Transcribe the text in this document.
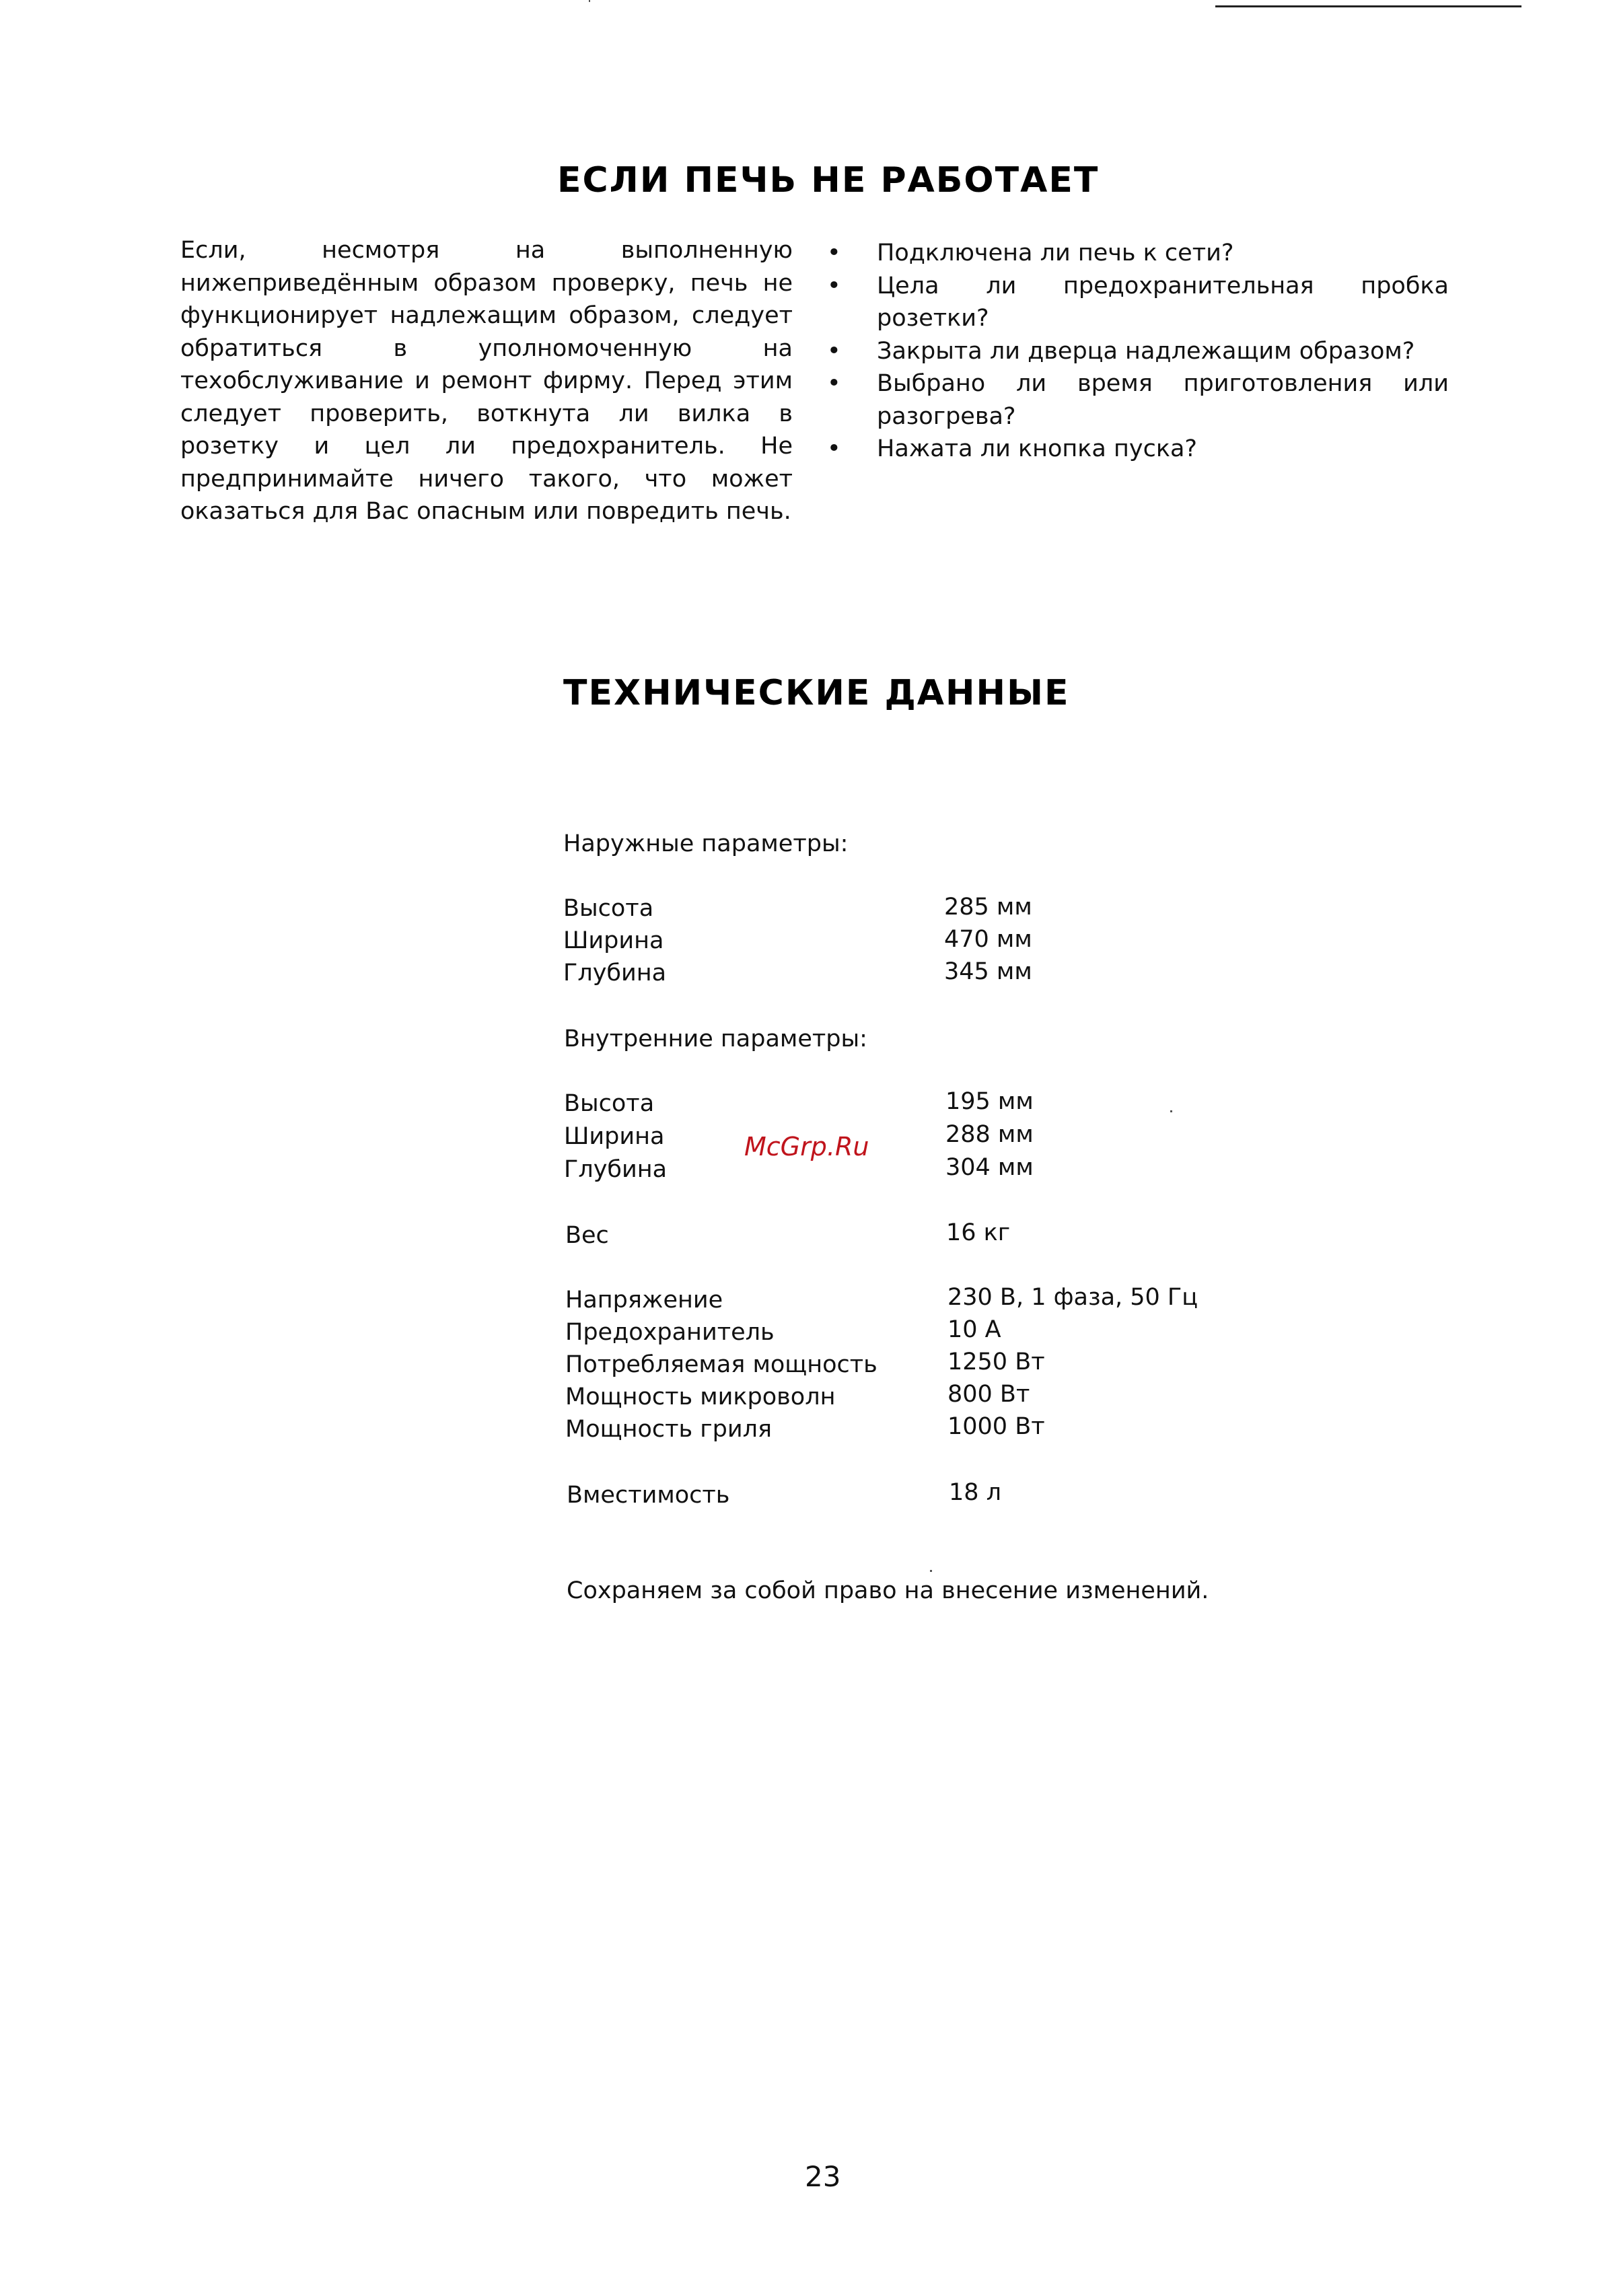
ЕСЛИ ПЕЧЬ НЕ РАБОТАЕТ
Если, несмотря на выполненную нижеприведённым образом проверку, печь не функционирует надлежащим образом, следует обратиться в уполномоченную на техобслуживание и ремонт фирму. Перед этим следует проверить, воткнута ли вилка в розетку и цел ли предохранитель. Не предпринимайте ничего такого, что может оказаться для Вас опасным или повредить печь.
• Подключена ли печь к сети?
• Цела ли предохранительная пробка розетки?
• Закрыта ли дверца надлежащим образом?
• Выбрано ли время приготовления или разогрева?
• Нажата ли кнопка пуска?
ТЕХНИЧЕСКИЕ ДАННЫЕ
Наружные параметры:
Высота	285 мм
Ширина	470 мм
Глубина	345 мм
Внутренние параметры:
Высота	195 мм
Ширина	288 мм
Глубина	304 мм
McGrp.Ru
Вес	16 кг
Напряжение	230 В, 1 фаза, 50 Гц
Предохранитель	10 А
Потребляемая мощность	1250 Вт
Мощность микроволн	800 Вт
Мощность гриля	1000 Вт
Вместимость	18 л
Сохраняем за собой право на внесение изменений.
23
